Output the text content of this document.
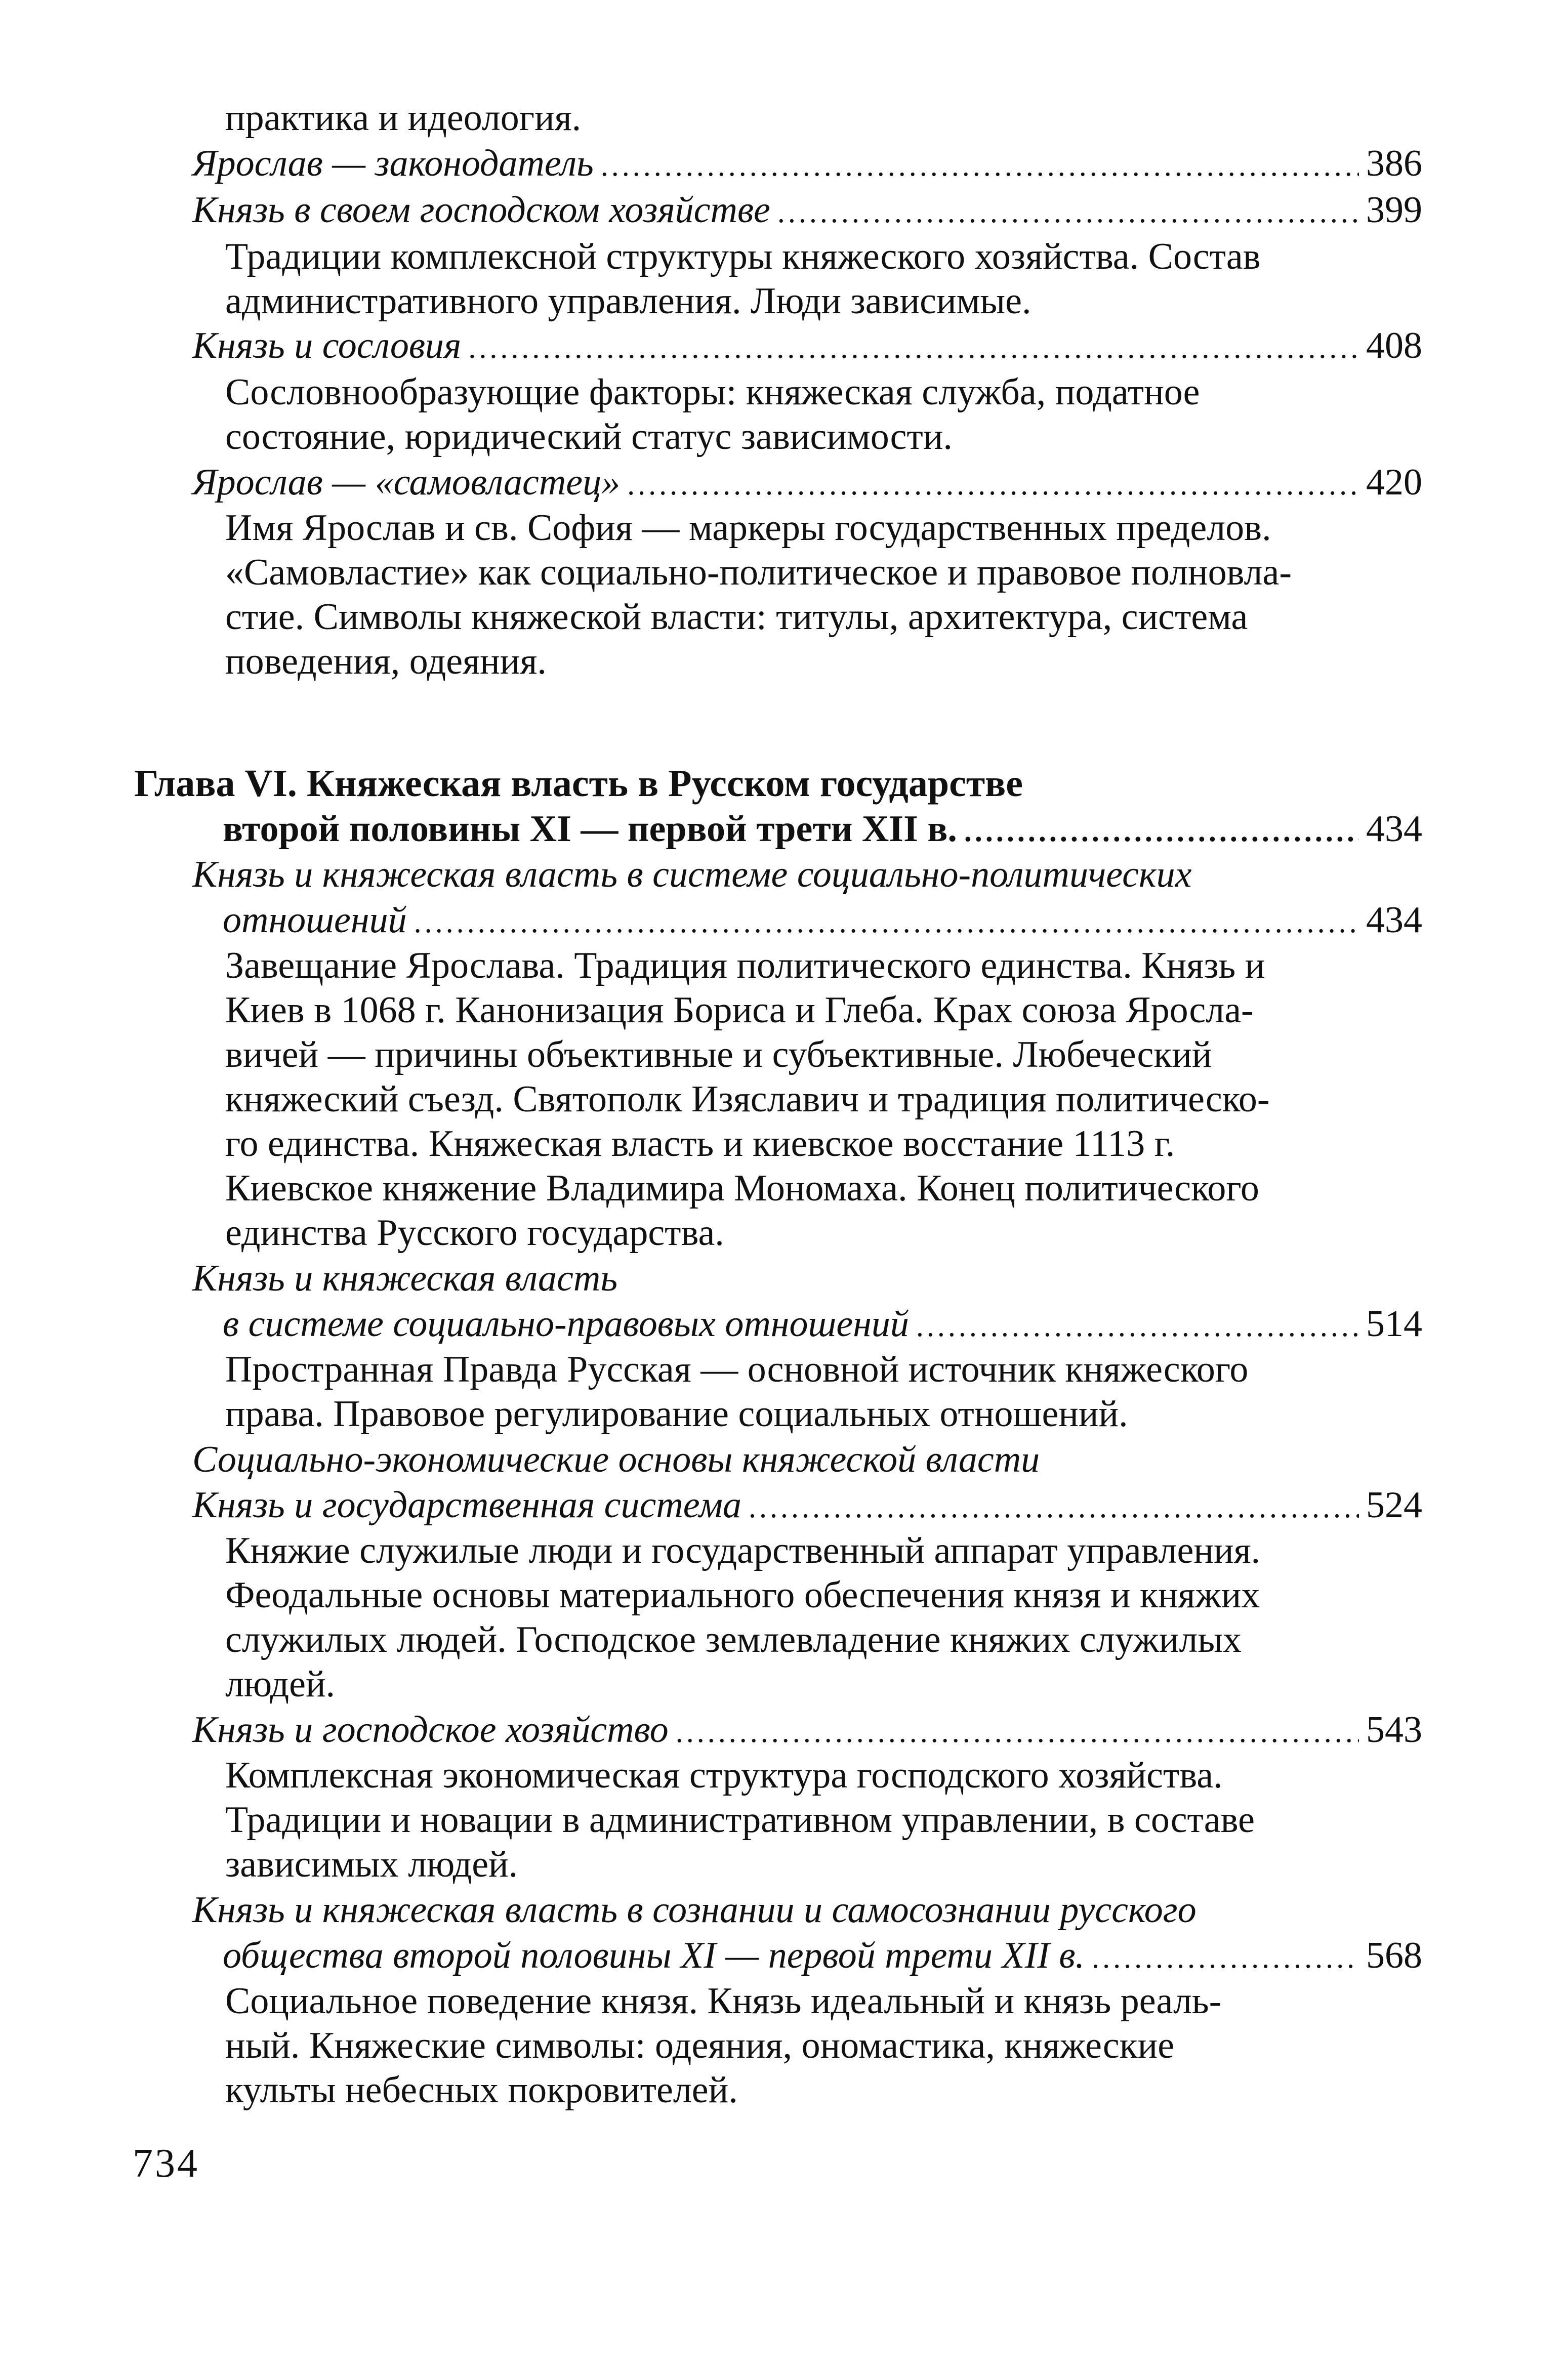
практика и идеология.
Ярослав — законодатель .....	386
Князь в своем господском хозяйстве .....	399
Традиции комплексной структуры княжеского хозяйства. Состав
административного управления. Люди зависимые.
Князь и сословия .....	408
Сословнообразующие факторы: княжеская служба, податное
состояние, юридический статус зависимости.
Ярослав — «самовластец» .....	420
Имя Ярослав и св. София — маркеры государственных пределов.
«Самовластие» как социально-политическое и правовое полновла-
стие. Символы княжеской власти: титулы, архитектура, система
поведения, одеяния.
Глава VI. Княжеская власть в Русском государстве
второй половины XI — первой трети XII в. .....	434
Князь и княжеская власть в системе социально-политических
отношений .....	434
Завещание Ярослава. Традиция политического единства. Князь и
Киев в 1068 г. Канонизация Бориса и Глеба. Крах союза Яросла-
вичей — причины объективные и субъективные. Любеческий
княжеский съезд. Святополк Изяславич и традиция политическо-
го единства. Княжеская власть и киевское восстание 1113 г.
Киевское княжение Владимира Мономаха. Конец политического
единства Русского государства.
Князь и княжеская власть
в системе социально-правовых отношений .....	514
Пространная Правда Русская — основной источник княжеского
права. Правовое регулирование социальных отношений.
Социально-экономические основы княжеской власти
Князь и государственная система .....	524
Княжие служилые люди и государственный аппарат управления.
Феодальные основы материального обеспечения князя и княжих
служилых людей. Господское землевладение княжих служилых
людей.
Князь и господское хозяйство .....	543
Комплексная экономическая структура господского хозяйства.
Традиции и новации в административном управлении, в составе
зависимых людей.
Князь и княжеская власть в сознании и самосознании русского
общества второй половины XI — первой трети XII в. .....	568
Социальное поведение князя. Князь идеальный и князь реаль-
ный. Княжеские символы: одеяния, ономастика, княжеские
культы небесных покровителей.
734
